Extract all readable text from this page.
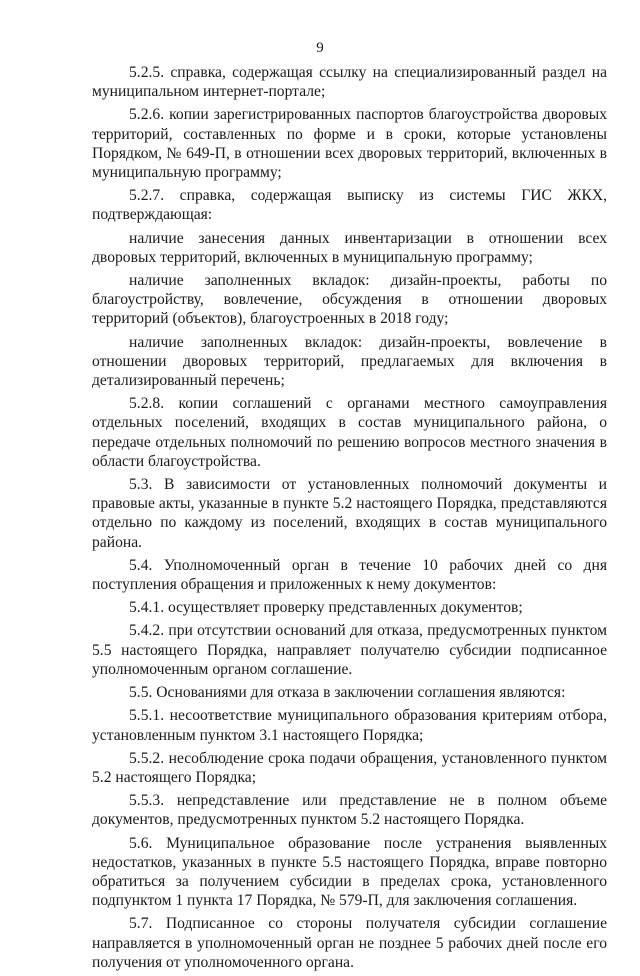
9

5.2.5. справка, содержащая ссылку на специализированный раздел на муниципальном интернет-портале;

5.2.6. копии зарегистрированных паспортов благоустройства дворовых территорий, составленных по форме и в сроки, которые установлены Порядком, № 649-П, в отношении всех дворовых территорий, включенных в муниципальную программу;

5.2.7. справка, содержащая выписку из системы ГИС ЖКХ, подтверждающая:

наличие занесения данных инвентаризации в отношении всех дворовых территорий, включенных в муниципальную программу;

наличие заполненных вкладок: дизайн-проекты, работы по благоустройству, вовлечение, обсуждения в отношении дворовых территорий (объектов), благоустроенных в 2018 году;

наличие заполненных вкладок: дизайн-проекты, вовлечение в отношении дворовых территорий, предлагаемых для включения в детализированный перечень;

5.2.8. копии соглашений с органами местного самоуправления отдельных поселений, входящих в состав муниципального района, о передаче отдельных полномочий по решению вопросов местного значения в области благоустройства.

5.3. В зависимости от установленных полномочий документы и правовые акты, указанные в пункте 5.2 настоящего Порядка, представляются отдельно по каждому из поселений, входящих в состав муниципального района.

5.4. Уполномоченный орган в течение 10 рабочих дней со дня поступления обращения и приложенных к нему документов:

5.4.1. осуществляет проверку представленных документов;

5.4.2. при отсутствии оснований для отказа, предусмотренных пунктом 5.5 настоящего Порядка, направляет получателю субсидии подписанное уполномоченным органом соглашение.

5.5. Основаниями для отказа в заключении соглашения являются:

5.5.1. несоответствие муниципального образования критериям отбора, установленным пунктом 3.1 настоящего Порядка;

5.5.2. несоблюдение срока подачи обращения, установленного пунктом 5.2 настоящего Порядка;

5.5.3. непредставление или представление не в полном объеме документов, предусмотренных пунктом 5.2 настоящего Порядка.

5.6. Муниципальное образование после устранения выявленных недостатков, указанных в пункте 5.5 настоящего Порядка, вправе повторно обратиться за получением субсидии в пределах срока, установленного подпунктом 1 пункта 17 Порядка, № 579-П, для заключения соглашения.

5.7. Подписанное со стороны получателя субсидии соглашение направляется в уполномоченный орган не позднее 5 рабочих дней после его получения от уполномоченного органа.
